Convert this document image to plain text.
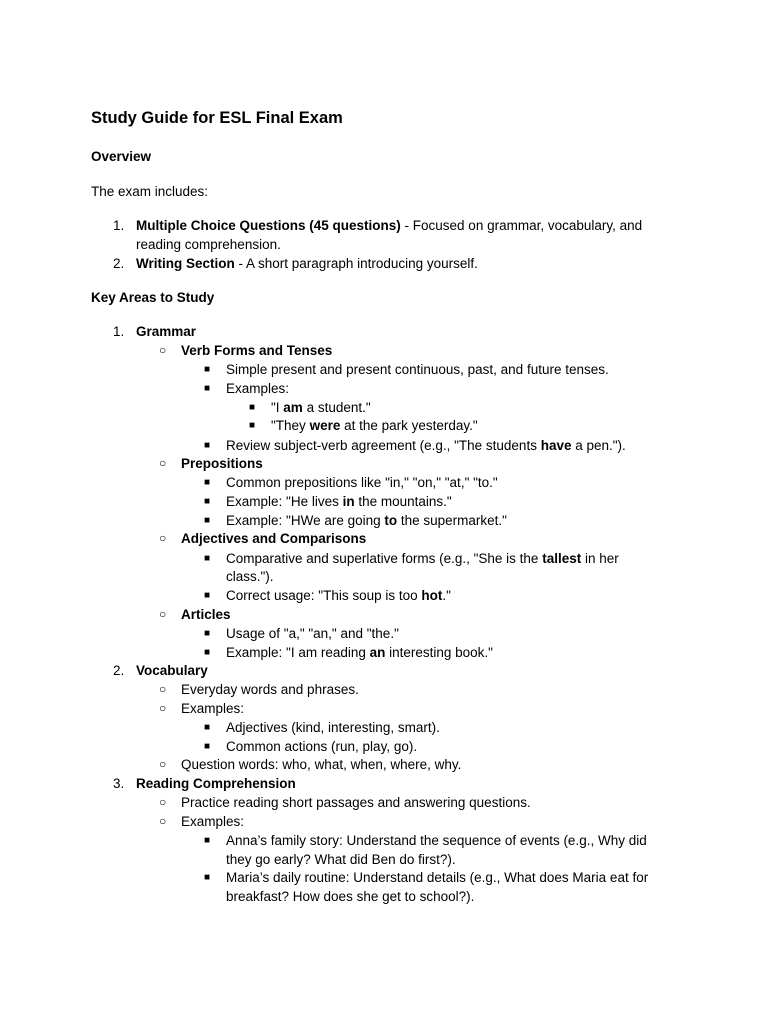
Study Guide for ESL Final Exam
Overview
The exam includes:
1. Multiple Choice Questions (45 questions) - Focused on grammar, vocabulary, and
reading comprehension.
2. Writing Section - A short paragraph introducing yourself.
Key Areas to Study
1. Grammar
○ Verb Forms and Tenses
■ Simple present and present continuous, past, and future tenses.
■ Examples:
■ "I am a student."
■ "They were at the park yesterday."
■ Review subject-verb agreement (e.g., "The students have a pen.").
○ Prepositions
■ Common prepositions like "in," "on," "at," "to."
■ Example: "He lives in the mountains."
■ Example: "HWe are going to the supermarket."
○ Adjectives and Comparisons
■ Comparative and superlative forms (e.g., "She is the tallest in her
class.").
■ Correct usage: "This soup is too hot."
○ Articles
■ Usage of "a," "an," and "the."
■ Example: "I am reading an interesting book."
2. Vocabulary
○ Everyday words and phrases.
○ Examples:
■ Adjectives (kind, interesting, smart).
■ Common actions (run, play, go).
○ Question words: who, what, when, where, why.
3. Reading Comprehension
○ Practice reading short passages and answering questions.
○ Examples:
■ Anna’s family story: Understand the sequence of events (e.g., Why did
they go early? What did Ben do first?).
■ Maria’s daily routine: Understand details (e.g., What does Maria eat for
breakfast? How does she get to school?).
